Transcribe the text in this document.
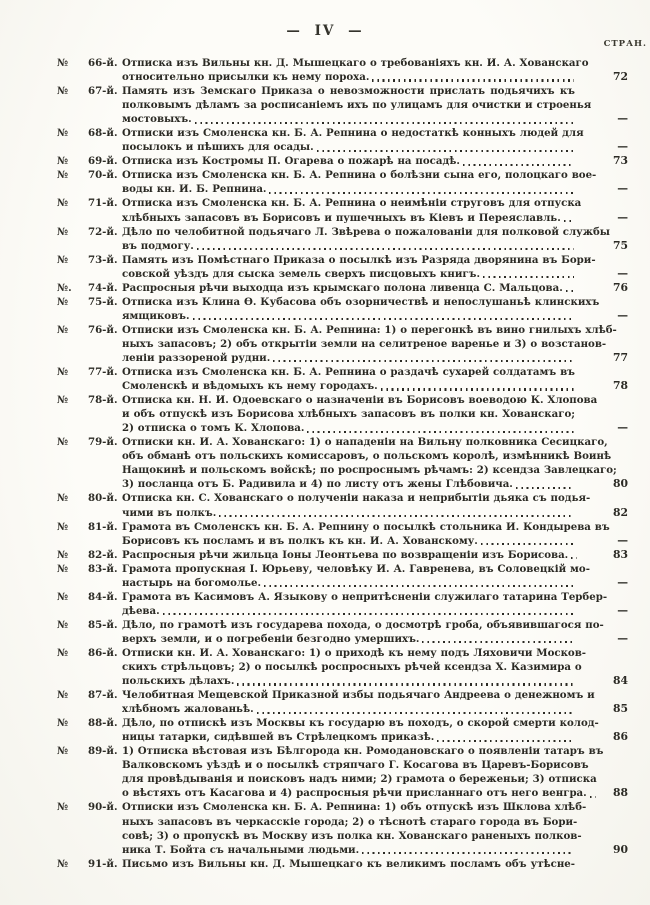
— IV —
СТРАН.
№	66-й. Отписка изъ Вильны кн. Д. Мышецкаго о требованіяхъ кн. И. А. Хованскаго
относительно присылки къ нему пороха.	72
№	67-й. Память изъ Земскаго Приказа о невозможности прислать подьячихъ къ
полковымъ дѣламъ за росписаніемъ ихъ по улицамъ для очистки и строенья
мостовыхъ.	—
№	68-й. Отписки изъ Смоленска кн. Б. А. Репнина о недостаткѣ конныхъ людей для
посылокъ и пѣшихъ для осады.	—
№	69-й. Отписка изъ Костромы П. Огарева о пожарѣ на посадѣ.	73
№	70-й. Отписка изъ Смоленска кн. Б. А. Репнина о болѣзни сына его, полоцкаго вое-
воды кн. И. Б. Репнина.	—
№	71-й. Отписка изъ Смоленска кн. Б. А. Репнина о неимѣніи струговъ для отпуска
хлѣбныхъ запасовъ въ Борисовъ и пушечныхъ въ Кіевъ и Переяславль.	—
№	72-й. Дѣло по челобитной подьячаго Л. Звѣрева о пожалованіи для полковой службы
въ подмогу.	75
№	73-й. Память изъ Помѣстнаго Приказа о посылкѣ изъ Разряда дворянина въ Бори-
совской уѣздъ для сыска земель сверхъ писцовыхъ книгъ.	—
№.	74-й. Распросныя рѣчи выходца изъ крымскаго полона ливенца С. Мальцова.	76
№	75-й. Отписка изъ Клина Ѳ. Кубасова объ озорничествѣ и непослушаньѣ клинскихъ
ямщиковъ.	—
№	76-й. Отписки изъ Смоленска кн. Б. А. Репнина: 1) о перегонкѣ въ вино гнилыхъ хлѣб-
ныхъ запасовъ; 2) объ открытіи земли на селитреное варенье и 3) о возстанов-
леніи раззореной рудни.	77
№	77-й. Отписка изъ Смоленска кн. Б. А. Репнина о раздачѣ сухарей солдатамъ въ
Смоленскѣ и вѣдомыхъ къ нему городахъ.	78
№	78-й. Отписка кн. Н. И. Одоевскаго о назначеніи въ Борисовъ воеводою К. Хлопова
и объ отпускѣ изъ Борисова хлѣбныхъ запасовъ въ полки кн. Хованскаго;
2) отписка о томъ К. Хлопова.	—
№	79-й. Отписки кн. И. А. Хованскаго: 1) о нападеніи на Вильну полковника Сесицкаго,
объ обманѣ отъ польскихъ комиссаровъ, о польскомъ королѣ, измѣнникѣ Воинѣ
Нащокинѣ и польскомъ войскѣ; по роспроснымъ рѣчамъ: 2) ксендза Завлецкаго;
3) посланца отъ Б. Радивила и 4) по листу отъ жены Глѣбовича.	80
№	80-й. Отписка кн. С. Хованскаго о полученіи наказа и неприбытіи дьяка съ подья-
чими въ полкъ.	82
№	81-й. Грамота въ Смоленскъ кн. Б. А. Репнину о посылкѣ стольника И. Кондырева въ
Борисовъ къ посламъ и въ полкъ къ кн. И. А. Хованскому.	—
№	82-й. Распросныя рѣчи жильца Іоны Леонтьева по возвращеніи изъ Борисова.	83
№	83-й. Грамота пропускная І. Юрьеву, человѣку И. А. Гавренева, въ Соловецкій мо-
настырь на богомолье.	—
№	84-й. Грамота въ Касимовъ А. Языкову о непритѣсненіи служилаго татарина Тербер-
дѣева.	—
№	85-й. Дѣло, по грамотѣ изъ государева похода, о досмотрѣ гроба, объявившагося по-
верхъ земли, и о погребеніи безгодно умершихъ.	—
№	86-й. Отписки кн. И. А. Хованскаго: 1) о приходѣ къ нему подъ Ляховичи Москов-
скихъ стрѣльцовъ; 2) о посылкѣ роспросныхъ рѣчей ксендза Х. Казимира о
польскихъ дѣлахъ.	84
№	87-й. Челобитная Мещевской Приказной избы подьячаго Андреева о денежномъ и
хлѣбномъ жалованьѣ.	85
№	88-й. Дѣло, по отпискѣ изъ Москвы къ государю въ походъ, о скорой смерти колод-
ницы татарки, сидѣвшей въ Стрѣлецкомъ приказѣ.	86
№	89-й. 1) Отписка вѣстовая изъ Бѣлгорода кн. Ромодановскаго о появленіи татаръ въ
Валковскомъ уѣздѣ и о посылкѣ стряпчаго Г. Косагова въ Царевъ-Борисовъ
для провѣдыванія и поисковъ надъ ними; 2) грамота о береженьи; 3) отписка
о вѣстяхъ отъ Касагова и 4) распросныя рѣчи присланнаго отъ него венгра.	88
№	90-й. Отписки изъ Смоленска кн. Б. А. Репнина: 1) объ отпускѣ изъ Шклова хлѣб-
ныхъ запасовъ въ черкасскіе города; 2) о тѣснотѣ стараго города въ Бори-
совѣ; 3) о пропускѣ въ Москву изъ полка кн. Хованскаго раненыхъ полков-
ника Т. Бойта съ начальными людьми.	90
№	91-й. Письмо изъ Вильны кн. Д. Мышецкаго къ великимъ посламъ объ утѣсне-
